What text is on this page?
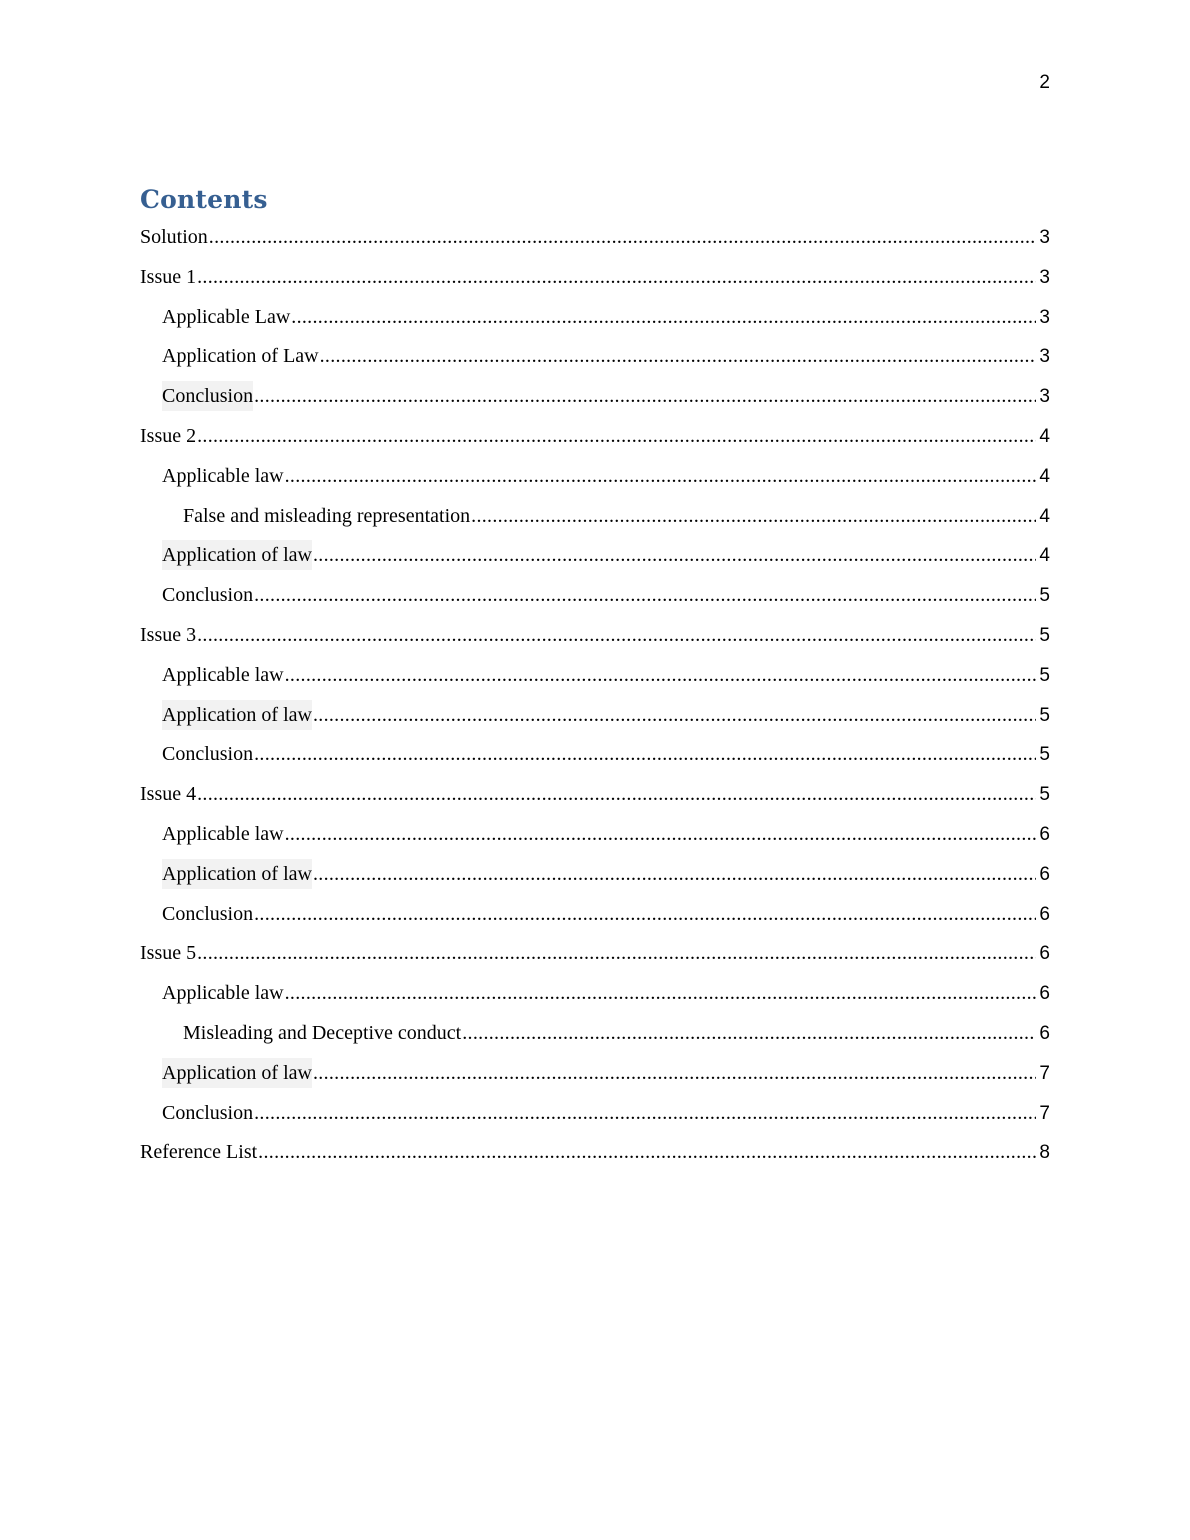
2
Contents
Solution .....	3
Issue 1 .....	3
Applicable Law .....	3
Application of Law .....	3
Conclusion .....	3
Issue 2 .....	4
Applicable law .....	4
False and misleading representation .....	4
Application of law .....	4
Conclusion .....	5
Issue 3 .....	5
Applicable law .....	5
Application of law .....	5
Conclusion .....	5
Issue 4 .....	5
Applicable law .....	6
Application of law .....	6
Conclusion .....	6
Issue 5 .....	6
Applicable law .....	6
Misleading and Deceptive conduct .....	6
Application of law .....	7
Conclusion .....	7
Reference List .....	8
